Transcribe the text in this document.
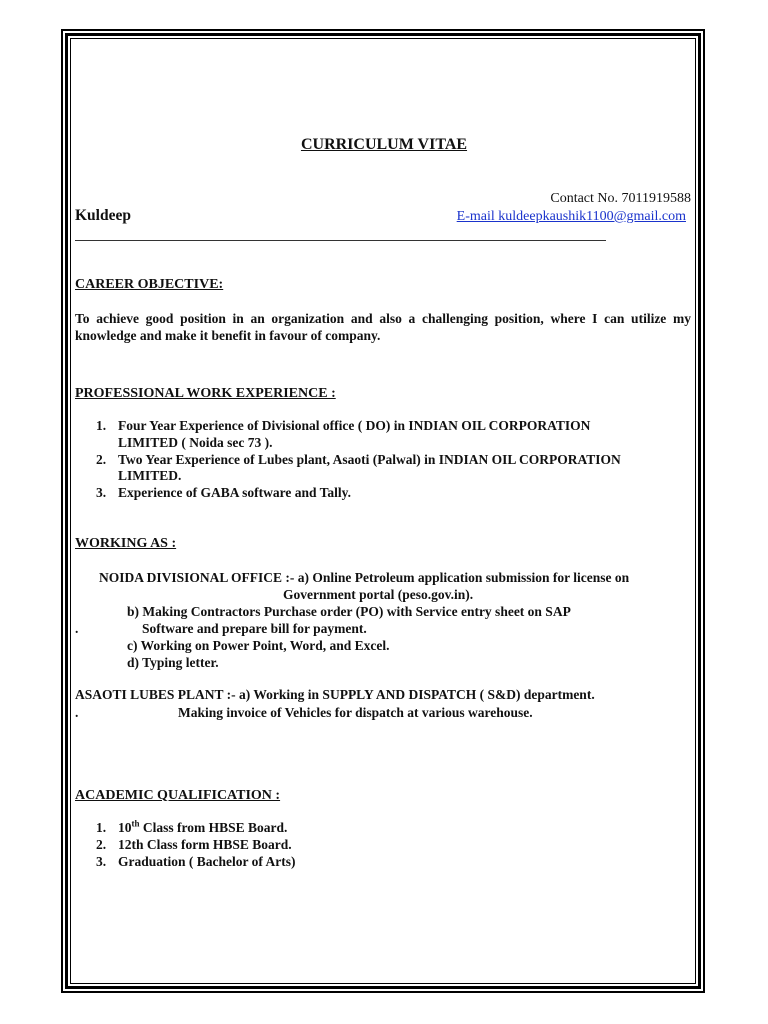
CURRICULUM VITAE
Contact No. 7011919588
Kuldeep	E-mail kuldeepkaushik1100@gmail.com
CAREER OBJECTIVE:
To achieve good position in an organization and also a challenging position, where I can utilize my knowledge and make it benefit in favour of company.
PROFESSIONAL WORK EXPERIENCE :
1. Four Year Experience of Divisional office ( DO) in INDIAN OIL CORPORATION
LIMITED ( Noida sec 73 ).
2. Two Year Experience of Lubes plant, Asaoti (Palwal) in INDIAN OIL CORPORATION
LIMITED.
3. Experience of GABA software and Tally.
WORKING AS :
NOIDA DIVISIONAL OFFICE :- a) Online Petroleum application submission for license on
Government portal (peso.gov.in).
b) Making Contractors Purchase order (PO) with Service entry sheet on SAP
.	Software and prepare bill for payment.
c) Working on Power Point, Word, and Excel.
d) Typing letter.
ASAOTI LUBES PLANT :- a) Working in SUPPLY AND DISPATCH ( S&D) department.
.	Making invoice of Vehicles for dispatch at various warehouse.
ACADEMIC QUALIFICATION :
1. 10th Class from HBSE Board.
2. 12th Class form HBSE Board.
3. Graduation ( Bachelor of Arts)
